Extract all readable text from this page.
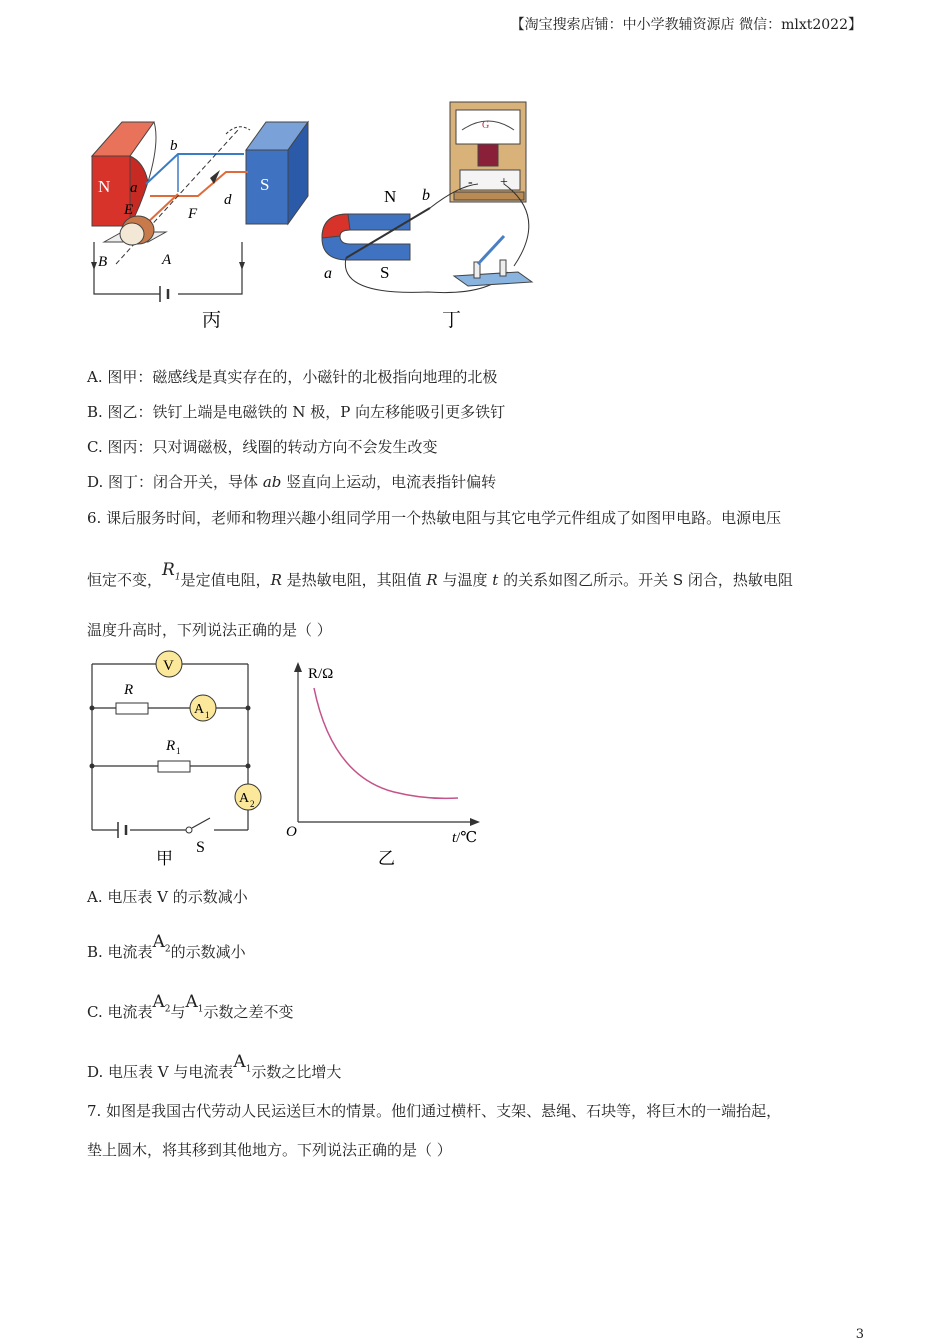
【淘宝搜索店铺：中小学教辅资源店 微信：mlxt2022】
N	S
b
a
d
E	F
B	A
丙
G
- +
N
S
b
a
丁
A. 图甲：磁感线是真实存在的，小磁针的北极指向地理的北极
B. 图乙：铁钉上端是电磁铁的 N 极，P 向左移能吸引更多铁钉
C. 图丙：只对调磁极，线圈的转动方向不会发生改变
D. 图丁：闭合开关，导体 ab 竖直向上运动，电流表指针偏转
6. 课后服务时间，老师和物理兴趣小组同学用一个热敏电阻与其它电学元件组成了如图甲电路。电源电压
恒定不变，$R_1$是定值电阻，R 是热敏电阻，其阻值 R 与温度 t 的关系如图乙所示。开关 S 闭合，热敏电阻
温度升高时，下列说法正确的是（ ）
V
R
A 1
R 1
A 2
S
甲
R/Ω
O	t/℃
乙
A. 电压表 V 的示数减小
B. 电流表$A_2$的示数减小
C. 电流表$A_2$与$A_1$示数之差不变
D. 电压表 V 与电流表$A_1$示数之比增大
7. 如图是我国古代劳动人民运送巨木的情景。他们通过横杆、支架、悬绳、石块等，将巨木的一端抬起，
垫上圆木，将其移到其他地方。下列说法正确的是（ ）
3
